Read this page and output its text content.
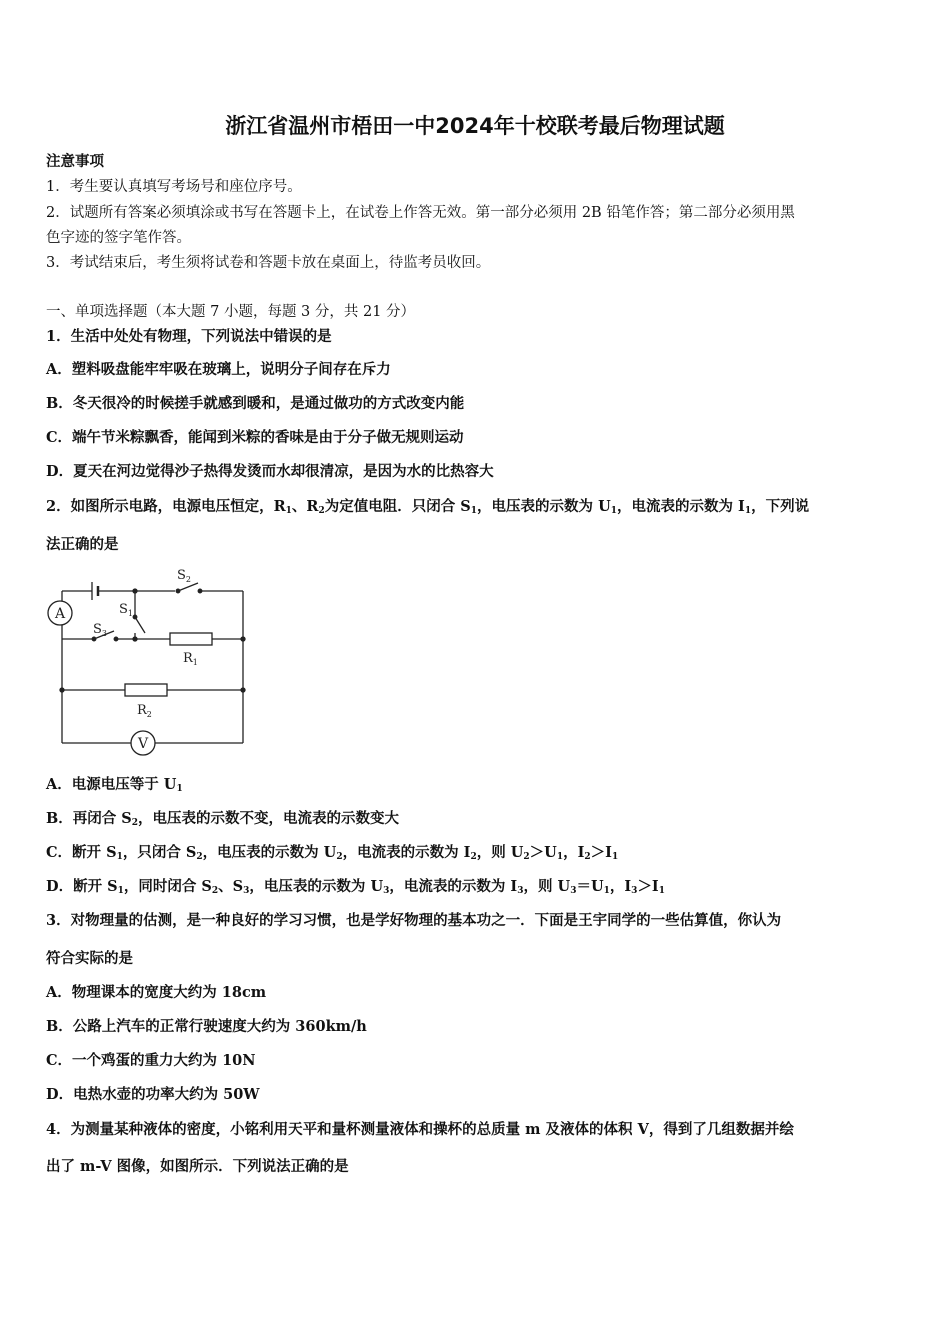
浙江省温州市梧田一中2024年十校联考最后物理试题
注意事项
1．考生要认真填写考场号和座位序号。
2．试题所有答案必须填涂或书写在答题卡上，在试卷上作答无效。第一部分必须用 2B 铅笔作答；第二部分必须用黑
色字迹的签字笔作答。
3．考试结束后，考生须将试卷和答题卡放在桌面上，待监考员收回。
一、单项选择题（本大题 7 小题，每题 3 分，共 21 分）
1．生活中处处有物理，下列说法中错误的是
A．塑料吸盘能牢牢吸在玻璃上，说明分子间存在斥力
B．冬天很冷的时候搓手就感到暖和，是通过做功的方式改变内能
C．端午节米粽飘香，能闻到米粽的香味是由于分子做无规则运动
D．夏天在河边觉得沙子热得发烫而水却很清凉，是因为水的比热容大
2．如图所示电路，电源电压恒定，$R_1$、$R_2$为定值电阻．只闭合 $S_1$，电压表的示数为 $U_1$，电流表的示数为 $I_1$，下列说
法正确的是
A	$S_1$
$S_3$
$S_2$
$R_1$
$R_2$
V
A．电源电压等于 $U_1$
B．再闭合 $S_2$，电压表的示数不变，电流表的示数变大
C．断开 $S_1$，只闭合 $S_2$，电压表的示数为 $U_2$，电流表的示数为 $I_2$，则 $U_2>U_1$，$I_2>I_1$
D．断开 $S_1$，同时闭合 $S_2$、$S_3$，电压表的示数为 $U_3$，电流表的示数为 $I_3$，则 $U_3=U_1$，$I_3>I_1$
3．对物理量的估测，是一种良好的学习习惯，也是学好物理的基本功之一．下面是王宇同学的一些估算值，你认为
符合实际的是
A．物理课本的宽度大约为 18cm
B．公路上汽车的正常行驶速度大约为 360km/h
C．一个鸡蛋的重力大约为 10N
D．电热水壶的功率大约为 50W
4．为测量某种液体的密度，小铭利用天平和量杯测量液体和操杯的总质量 m 及液体的体积 V，得到了几组数据并绘
出了 m-V 图像，如图所示．下列说法正确的是
